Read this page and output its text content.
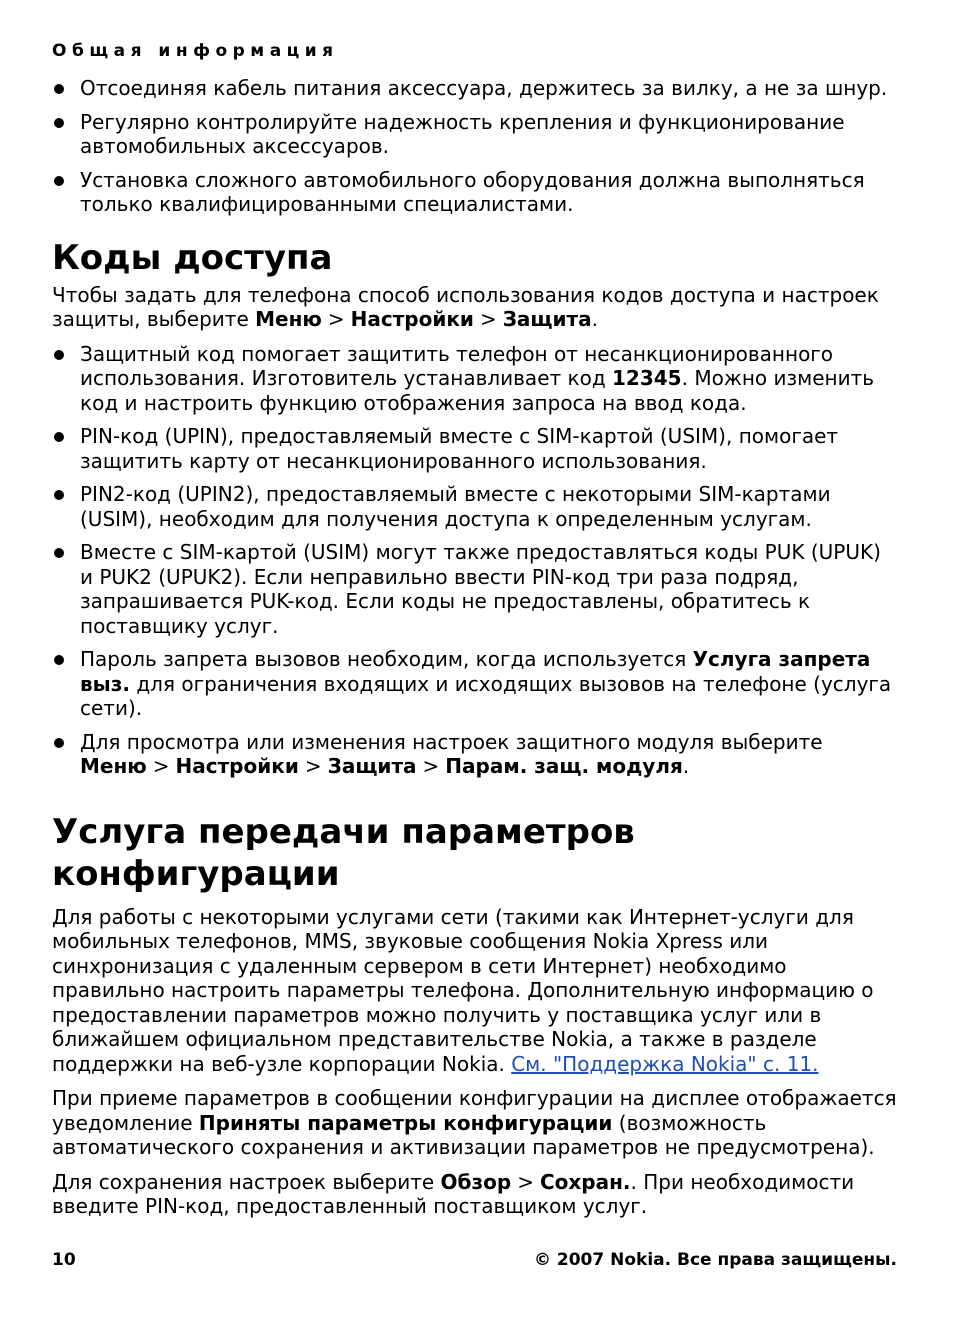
Общая информация
Отсоединяя кабель питания аксессуара, держитесь за вилку, а не за шнур.
Регулярно контролируйте надежность крепления и функционирование автомобильных аксессуаров.
Установка сложного автомобильного оборудования должна выполняться только квалифицированными специалистами.
Коды доступа

Чтобы задать для телефона способ использования кодов доступа и настроек защиты, выберите Меню > Настройки > Защита.

Защитный код помогает защитить телефон от несанкционированного использования. Изготовитель устанавливает код 12345. Можно изменить код и настроить функцию отображения запроса на ввод кода.
PIN-код (UPIN), предоставляемый вместе с SIM-картой (USIM), помогает защитить карту от несанкционированного использования.
PIN2-код (UPIN2), предоставляемый вместе с некоторыми SIM-картами (USIM), необходим для получения доступа к определенным услугам.
Вместе с SIM-картой (USIM) могут также предоставляться коды PUK (UPUK) и PUK2 (UPUK2). Если неправильно ввести PIN-код три раза подряд, запрашивается PUK-код. Если коды не предоставлены, обратитесь к поставщику услуг.
Пароль запрета вызовов необходим, когда используется Услуга запрета выз. для ограничения входящих и исходящих вызовов на телефоне (услуга сети).
Для просмотра или изменения настроек защитного модуля выберите Меню > Настройки > Защита > Парам. защ. модуля.
Услуга передачи параметров конфигурации

Для работы с некоторыми услугами сети (такими как Интернет-услуги для мобильных телефонов, MMS, звуковые сообщения Nokia Xpress или синхронизация с удаленным сервером в сети Интернет) необходимо правильно настроить параметры телефона. Дополнительную информацию о предоставлении параметров можно получить у поставщика услуг или в ближайшем официальном представительстве Nokia, а также в разделе поддержки на веб-узле корпорации Nokia. См. "Поддержка Nokia" с. 11.

При приеме параметров в сообщении конфигурации на дисплее отображается уведомление Приняты параметры конфигурации (возможность автоматического сохранения и активизации параметров не предусмотрена).

Для сохранения настроек выберите Обзор > Сохран.. При необходимости введите PIN-код, предоставленный поставщиком услуг.

10	© 2007 Nokia. Все права защищены.
